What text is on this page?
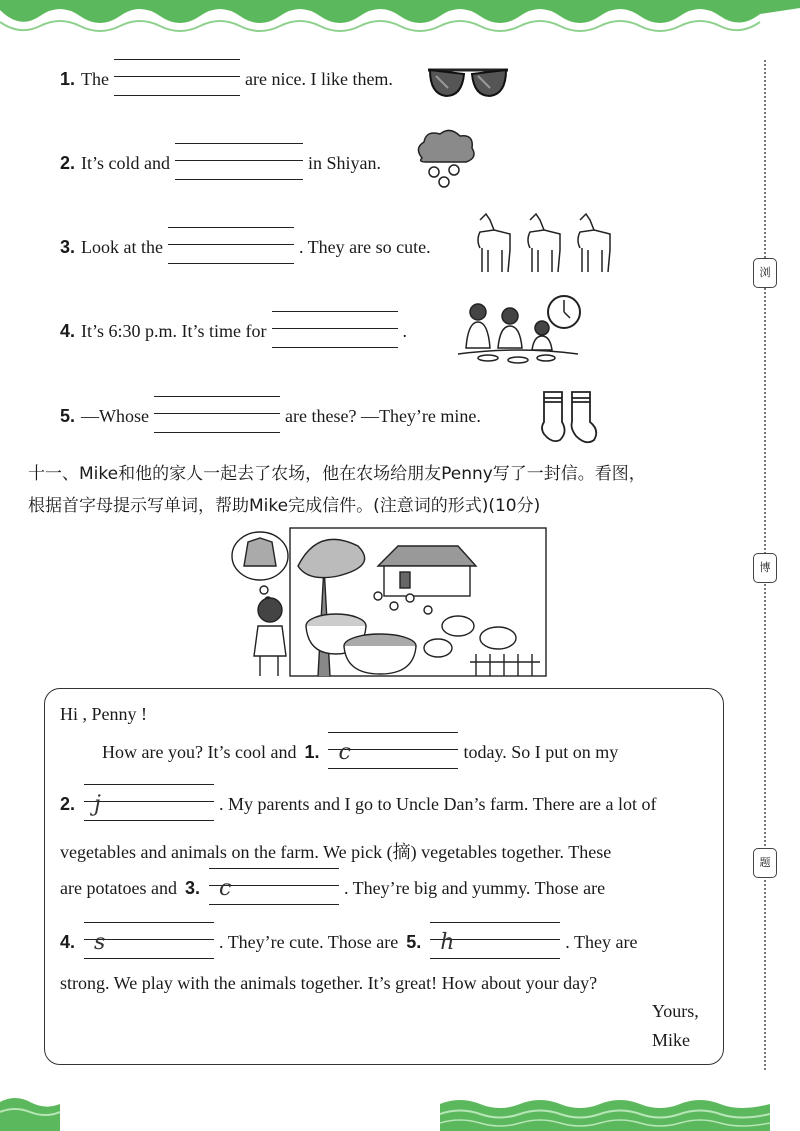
浏
博
题
1. The	are nice. I like them.
2. It’s cold and	in Shiyan.
3. Look at the	. They are so cute.
4. It’s 6:30 p.m. It’s time for	.
5. —Whose	are these? —They’re mine.
十一、Mike和他的家人一起去了农场，他在农场给朋友Penny写了一封信。看图，
根据首字母提示写单词，帮助Mike完成信件。(注意词的形式)(10分)
Hi , Penny !
How are you? It’s cool and 1. c	today. So I put on my
2. j	. My parents and I go to Uncle Dan’s farm. There are a lot of
vegetables and animals on the farm. We pick (摘) vegetables together. These
are potatoes and 3. c	. They’re big and yummy. Those are
4. s	. They’re cute. Those are 5. h	. They are
strong. We play with the animals together. It’s great! How about your day?
Yours,
Mike
